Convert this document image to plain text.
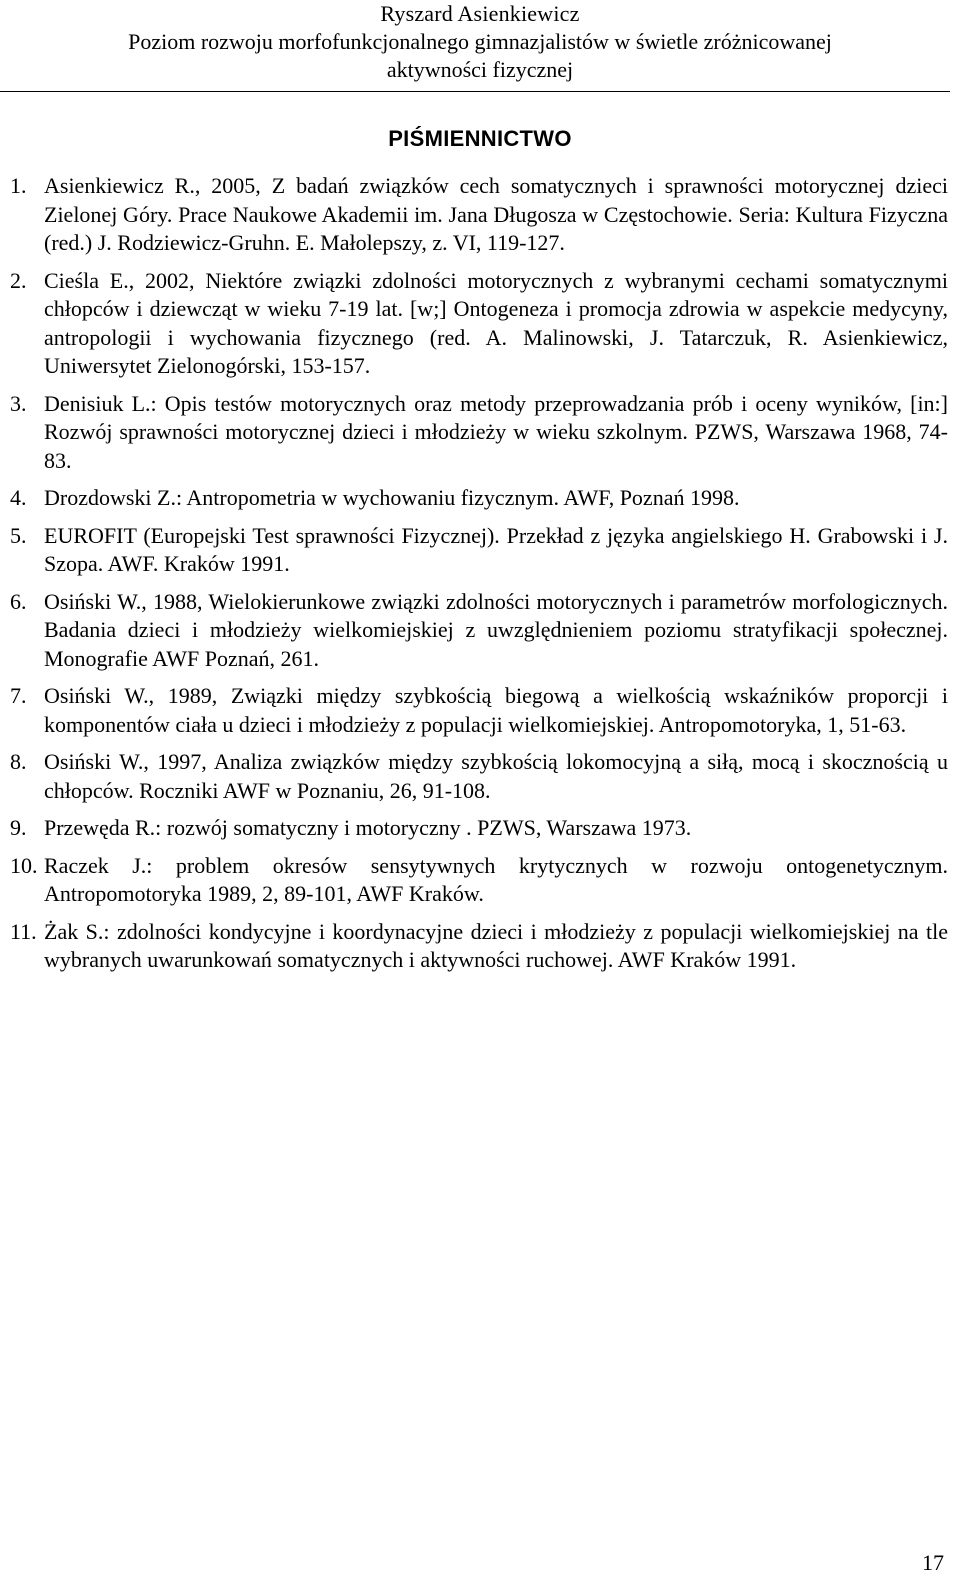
Ryszard Asienkiewicz
Poziom rozwoju morfofunkcjonalnego gimnazjalistów w świetle zróżnicowanej
aktywności fizycznej
PIŚMIENNICTWO
1. Asienkiewicz R., 2005, Z badań związków cech somatycznych i sprawności motorycznej dzieci Zielonej Góry. Prace Naukowe Akademii im. Jana Długosza w Częstochowie. Seria: Kultura Fizyczna (red.) J. Rodziewicz-Gruhn. E. Małolepszy, z. VI, 119-127.
2. Cieśla E., 2002, Niektóre związki zdolności motorycznych z wybranymi cechami somatycznymi chłopców i dziewcząt w wieku 7-19 lat. [w;] Ontogeneza i promocja zdrowia w aspekcie medycyny, antropologii i wychowania fizycznego (red. A. Malinowski, J. Tatarczuk, R. Asienkiewicz, Uniwersytet Zielonogórski, 153-157.
3. Denisiuk L.: Opis testów motorycznych oraz metody przeprowadzania prób i oceny wyników, [in:] Rozwój sprawności motorycznej dzieci i młodzieży w wieku szkolnym. PZWS, Warszawa 1968, 74-83.
4. Drozdowski Z.: Antropometria w wychowaniu fizycznym. AWF, Poznań 1998.
5. EUROFIT (Europejski Test sprawności Fizycznej). Przekład z języka angielskiego H. Grabowski i J. Szopa. AWF. Kraków 1991.
6. Osiński W., 1988, Wielokierunkowe związki zdolności motorycznych i parametrów morfologicznych. Badania dzieci i młodzieży wielkomiejskiej z uwzględnieniem poziomu stratyfikacji społecznej. Monografie AWF Poznań, 261.
7. Osiński W., 1989, Związki między szybkością biegową a wielkością wskaźników proporcji i komponentów ciała u dzieci i młodzieży z populacji wielkomiejskiej. Antropomotoryka, 1, 51-63.
8. Osiński W., 1997, Analiza związków między szybkością lokomocyjną a siłą, mocą i skocznością u chłopców. Roczniki AWF w Poznaniu, 26, 91-108.
9. Przewęda R.: rozwój somatyczny i motoryczny . PZWS, Warszawa 1973.
10. Raczek J.: problem okresów sensytywnych krytycznych w rozwoju ontogenetycznym. Antropomotoryka 1989, 2, 89-101, AWF Kraków.
11. Żak S.: zdolności kondycyjne i koordynacyjne dzieci i młodzieży z populacji wielkomiejskiej na tle wybranych uwarunkowań somatycznych i aktywności ruchowej. AWF Kraków 1991.
17
